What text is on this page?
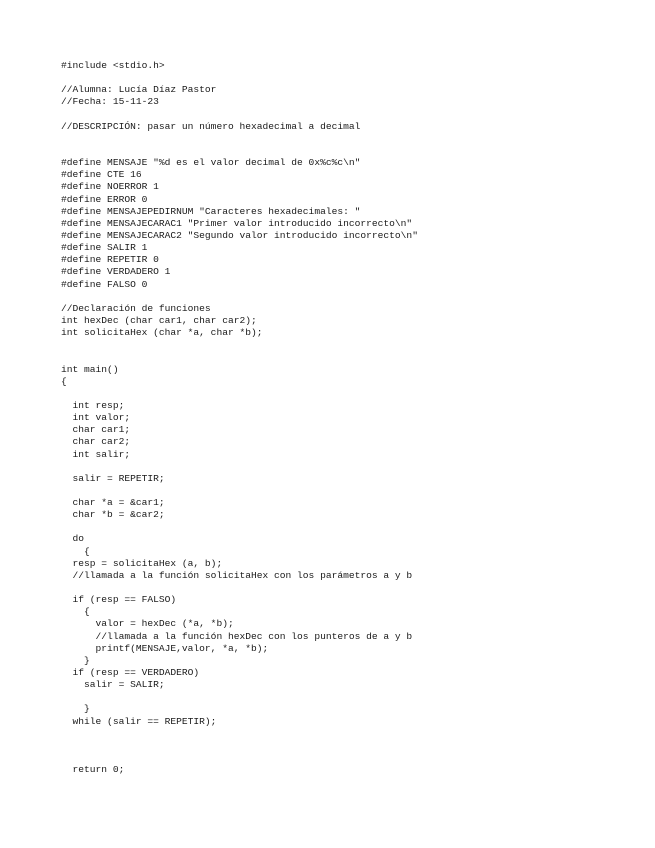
#include <stdio.h>
//Alumna: Lucía Díaz Pastor
//Fecha: 15-11-23
//DESCRIPCIÓN: pasar un número hexadecimal a decimal
#define MENSAJE "%d es el valor decimal de 0x%c%c\n"
#define CTE 16
#define NOERROR 1
#define ERROR 0
#define MENSAJEPEDIRNUM "Caracteres hexadecimales: "
#define MENSAJECARAC1 "Primer valor introducido incorrecto\n"
#define MENSAJECARAC2 "Segundo valor introducido incorrecto\n"
#define SALIR 1
#define REPETIR 0
#define VERDADERO 1
#define FALSO 0
//Declaración de funciones
int hexDec (char car1, char car2);
int solicitaHex (char *a, char *b);
int main()
{
int resp;
int valor;
char car1;
char car2;
int salir;
salir = REPETIR;
char *a = &car1;
char *b = &car2;
do
{
resp = solicitaHex (a, b);
//llamada a la función solicitaHex con los parámetros a y b
if (resp == FALSO)
{
valor = hexDec (*a, *b);
//llamada a la función hexDec con los punteros de a y b
printf(MENSAJE,valor, *a, *b);
}
if (resp == VERDADERO)
salir = SALIR;
}
while (salir == REPETIR);
return 0;
